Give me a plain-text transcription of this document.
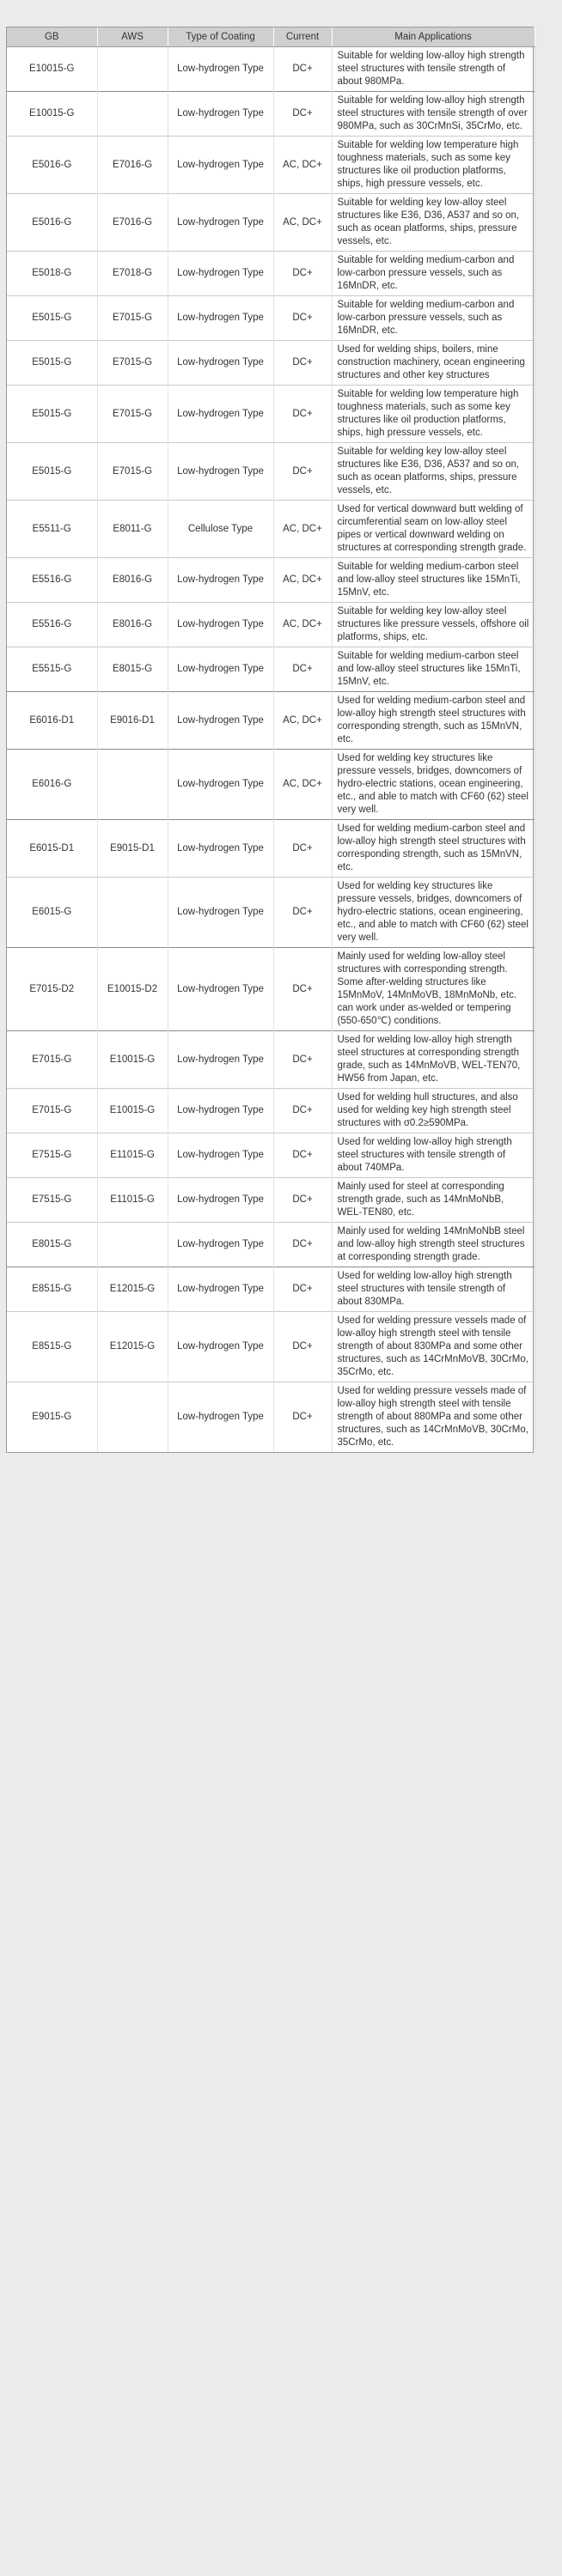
GB	AWS	Type of Coating	Current	Main Applications
E10015-G		Low-hydrogen Type	DC+	Suitable for welding low-alloy high strength steel structures with tensile strength of about 980MPa.
E10015-G		Low-hydrogen Type	DC+	Suitable for welding low-alloy high strength steel structures with tensile strength of over 980MPa, such as 30CrMnSi, 35CrMo, etc.
E5016-G	E7016-G	Low-hydrogen Type	AC, DC+	Suitable for welding low temperature high toughness materials, such as some key structures like oil production platforms, ships, high pressure vessels, etc.
E5016-G	E7016-G	Low-hydrogen Type	AC, DC+	Suitable for welding key low-alloy steel structures like E36, D36, A537 and so on, such as ocean platforms, ships, pressure vessels, etc.
E5018-G	E7018-G	Low-hydrogen Type	DC+	Suitable for welding medium-carbon and low-carbon pressure vessels, such as 16MnDR, etc.
E5015-G	E7015-G	Low-hydrogen Type	DC+	Suitable for welding medium-carbon and low-carbon pressure vessels, such as 16MnDR, etc.
E5015-G	E7015-G	Low-hydrogen Type	DC+	Used for welding ships, boilers, mine construction machinery, ocean engineering structures and other key structures
E5015-G	E7015-G	Low-hydrogen Type	DC+	Suitable for welding low temperature high toughness materials, such as some key structures like oil production platforms, ships, high pressure vessels, etc.
E5015-G	E7015-G	Low-hydrogen Type	DC+	Suitable for welding key low-alloy steel structures like E36, D36, A537 and so on, such as ocean platforms, ships, pressure vessels, etc.
E5511-G	E8011-G	Cellulose Type	AC, DC+	Used for vertical downward butt welding of circumferential seam on low-alloy steel pipes or vertical downward welding on structures at corresponding strength grade.
E5516-G	E8016-G	Low-hydrogen Type	AC, DC+	Suitable for welding medium-carbon steel and low-alloy steel structures like 15MnTi, 15MnV, etc.
E5516-G	E8016-G	Low-hydrogen Type	AC, DC+	Suitable for welding key low-alloy steel structures like pressure vessels, offshore oil platforms, ships, etc.
E5515-G	E8015-G	Low-hydrogen Type	DC+	Suitable for welding medium-carbon steel and low-alloy steel structures like 15MnTi, 15MnV, etc.
E6016-D1	E9016-D1	Low-hydrogen Type	AC, DC+	Used for welding medium-carbon steel and low-alloy high strength steel structures with corresponding strength, such as 15MnVN, etc.
E6016-G		Low-hydrogen Type	AC, DC+	Used for welding key structures like pressure vessels, bridges, downcomers of hydro-electric stations, ocean engineering, etc., and able to match with CF60 (62) steel very well.
E6015-D1	E9015-D1	Low-hydrogen Type	DC+	Used for welding medium-carbon steel and low-alloy high strength steel structures with corresponding strength, such as 15MnVN, etc.
E6015-G		Low-hydrogen Type	DC+	Used for welding key structures like pressure vessels, bridges, downcomers of hydro-electric stations, ocean engineering, etc., and able to match with CF60 (62) steel very well.
E7015-D2	E10015-D2	Low-hydrogen Type	DC+	Mainly used for welding low-alloy steel structures with corresponding strength. Some after-welding structures like 15MnMoV, 14MnMoVB, 18MnMoNb, etc. can work under as-welded or tempering (550-650℃) conditions.
E7015-G	E10015-G	Low-hydrogen Type	DC+	Used for welding low-alloy high strength steel structures at corresponding strength grade, such as 14MnMoVB, WEL-TEN70, HW56 from Japan, etc.
E7015-G	E10015-G	Low-hydrogen Type	DC+	Used for welding hull structures, and also used for welding key high strength steel structures with σ0.2≥590MPa.
E7515-G	E11015-G	Low-hydrogen Type	DC+	Used for welding low-alloy high strength steel structures with tensile strength of about 740MPa.
E7515-G	E11015-G	Low-hydrogen Type	DC+	Mainly used for steel at corresponding strength grade, such as 14MnMoNbB, WEL-TEN80, etc.
E8015-G		Low-hydrogen Type	DC+	Mainly used for welding 14MnMoNbB steel and low-alloy high strength steel structures at corresponding strength grade.
E8515-G	E12015-G	Low-hydrogen Type	DC+	Used for welding low-alloy high strength steel structures with tensile strength of about 830MPa.
E8515-G	E12015-G	Low-hydrogen Type	DC+	Used for welding pressure vessels made of low-alloy high strength steel with tensile strength of about 830MPa and some other structures, such as 14CrMnMoVB, 30CrMo, 35CrMo, etc.
E9015-G		Low-hydrogen Type	DC+	Used for welding pressure vessels made of low-alloy high strength steel with tensile strength of about 880MPa and some other structures, such as 14CrMnMoVB, 30CrMo, 35CrMo, etc.
